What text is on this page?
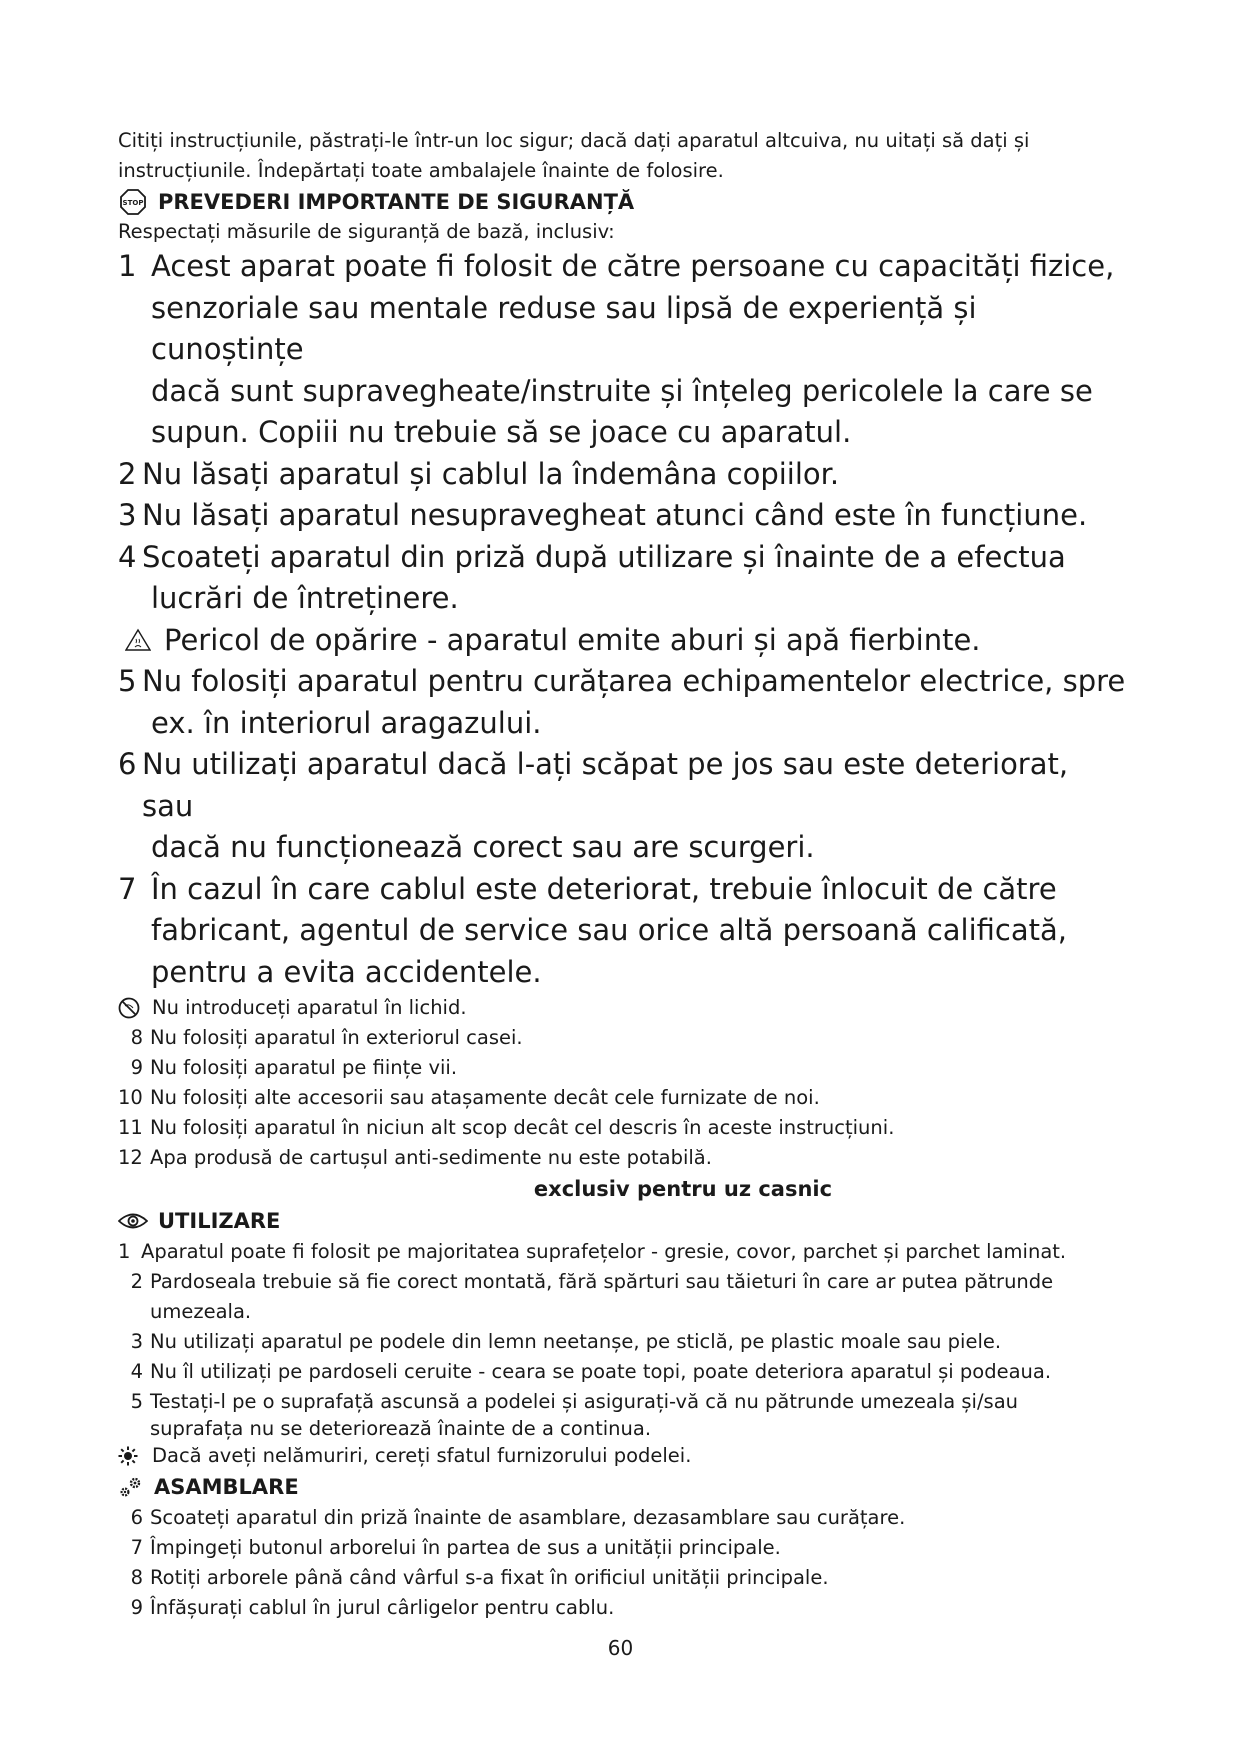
Citiți instrucțiunile, păstrați-le într-un loc sigur; dacă dați aparatul altcuiva, nu uitați să dați și instrucțiunile. Îndepărtați toate ambalajele înainte de folosire.

STOP PREVEDERI IMPORTANTE DE SIGURANȚĂ
Respectați măsurile de siguranță de bază, inclusiv:
1 Acest aparat poate fi folosit de către persoane cu capacități fizice,
senzoriale sau mentale reduse sau lipsă de experiență și cunoștințe
dacă sunt supravegheate/instruite și înțeleg pericolele la care se
supun. Copiii nu trebuie să se joace cu aparatul.
2 Nu lăsați aparatul și cablul la îndemâna copiilor.
3 Nu lăsați aparatul nesupravegheat atunci când este în funcțiune.
4 Scoateți aparatul din priză după utilizare și înainte de a efectua
lucrări de întreținere.
Pericol de opărire - aparatul emite aburi și apă fierbinte.
5 Nu folosiți aparatul pentru curățarea echipamentelor electrice, spre
ex. în interiorul aragazului.
6 Nu utilizați aparatul dacă l-ați scăpat pe jos sau este deteriorat, sau
dacă nu funcționează corect sau are scurgeri.
7 În cazul în care cablul este deteriorat, trebuie înlocuit de către
fabricant, agentul de service sau orice altă persoană calificată,
pentru a evita accidentele.
Nu introduceți aparatul în lichid.
8 Nu folosiți aparatul în exteriorul casei.
9 Nu folosiți aparatul pe ființe vii.
10 Nu folosiți alte accesorii sau atașamente decât cele furnizate de noi.
11 Nu folosiți aparatul în niciun alt scop decât cel descris în aceste instrucțiuni.
12 Apa produsă de cartușul anti-sedimente nu este potabilă.
exclusiv pentru uz casnic
UTILIZARE
1 Aparatul poate fi folosit pe majoritatea suprafețelor - gresie, covor, parchet și parchet laminat.
2 Pardoseala trebuie să fie corect montată, fără spărturi sau tăieturi în care ar putea pătrunde
umezeala.
3 Nu utilizați aparatul pe podele din lemn neetanșe, pe sticlă, pe plastic moale sau piele.
4 Nu îl utilizați pe pardoseli ceruite - ceara se poate topi, poate deteriora aparatul și podeaua.
5 Testați-l pe o suprafață ascunsă a podelei și asigurați-vă că nu pătrunde umezeala și/sau
suprafața nu se deteriorează înainte de a continua.
Dacă aveți nelămuriri, cereți sfatul furnizorului podelei.
ASAMBLARE
6 Scoateți aparatul din priză înainte de asamblare, dezasamblare sau curățare.
7 Împingeți butonul arborelui în partea de sus a unității principale.
8 Rotiți arborele până când vârful s-a fixat în orificiul unității principale.
9 Înfășurați cablul în jurul cârligelor pentru cablu.
60
